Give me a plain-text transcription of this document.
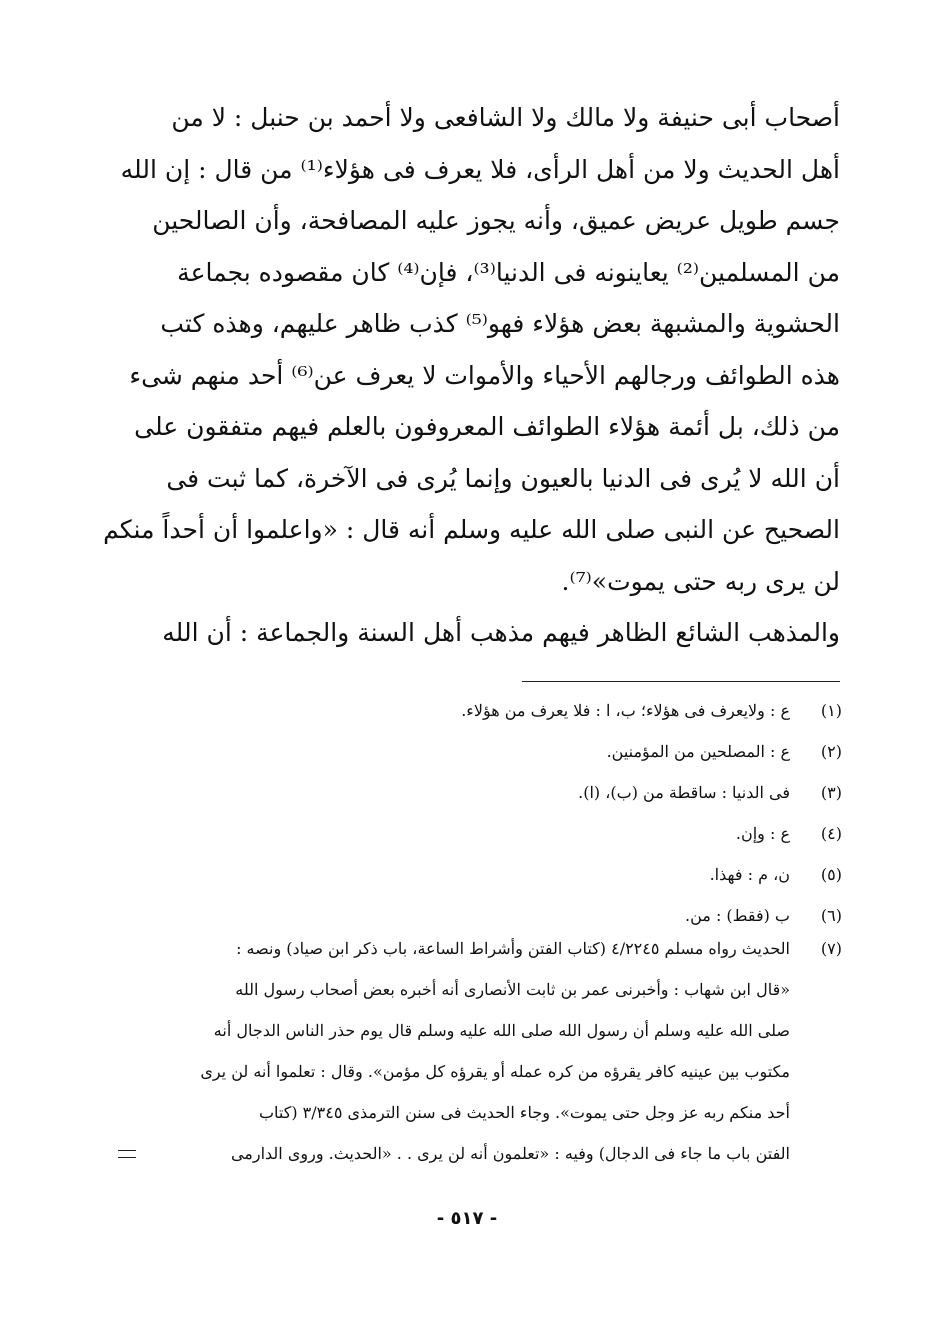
أصحاب أبى حنيفة ولا مالك ولا الشافعى ولا أحمد بن حنبل : لا من
أهل الحديث ولا من أهل الرأى، فلا يعرف فى هؤلاء⁽¹⁾ من قال : إن الله
جسم طويل عريض عميق، وأنه يجوز عليه المصافحة، وأن الصالحين
من المسلمين⁽²⁾ يعاينونه فى الدنيا⁽³⁾، فإن⁽⁴⁾ كان مقصوده بجماعة
الحشوية والمشبهة بعض هؤلاء فهو⁽⁵⁾ كذب ظاهر عليهم، وهذه كتب
هذه الطوائف ورجالهم الأحياء والأموات لا يعرف عن⁽⁶⁾ أحد منهم شىء
من ذلك، بل أئمة هؤلاء الطوائف المعروفون بالعلم فيهم متفقون على
أن الله لا يُرى فى الدنيا بالعيون وإنما يُرى فى الآخرة، كما ثبت فى
الصحيح عن النبى صلى الله عليه وسلم أنه قال : «واعلموا أن أحداً منكم
لن يرى ربه حتى يموت»⁽⁷⁾.
والمذهب الشائع الظاهر فيهم مذهب أهل السنة والجماعة : أن الله
(١)
ع : ولايعرف فى هؤلاء؛ ب، ا : فلا يعرف من هؤلاء.
(٢)
ع : المصلحين من المؤمنين.
(٣)
فى الدنيا : ساقطة من (ب)، (ا).
(٤)
ع : وإن.
(٥)
ن، م : فهذا.
(٦)
ب (فقط) : من.
(٧)
الحديث رواه مسلم ٤/٢٢٤٥ (كتاب الفتن وأشراط الساعة، باب ذكر ابن صياد) ونصه :
«قال ابن شهاب : وأخبرنى عمر بن ثابت الأنصارى أنه أخبره بعض أصحاب رسول الله
صلى الله عليه وسلم أن رسول الله صلى الله عليه وسلم قال يوم حذر الناس الدجال أنه
مكتوب بين عينيه كافر يقرؤه من كره عمله أو يقرؤه كل مؤمن». وقال : تعلموا أنه لن يرى
أحد منكم ربه عز وجل حتى يموت». وجاء الحديث فى سنن الترمذى ٣/٣٤٥ (كتاب
الفتن باب ما جاء فى الدجال) وفيه : «تعلمون أنه لن يرى . . «الحديث. وروى الدارمى
- ٥١٧ -
